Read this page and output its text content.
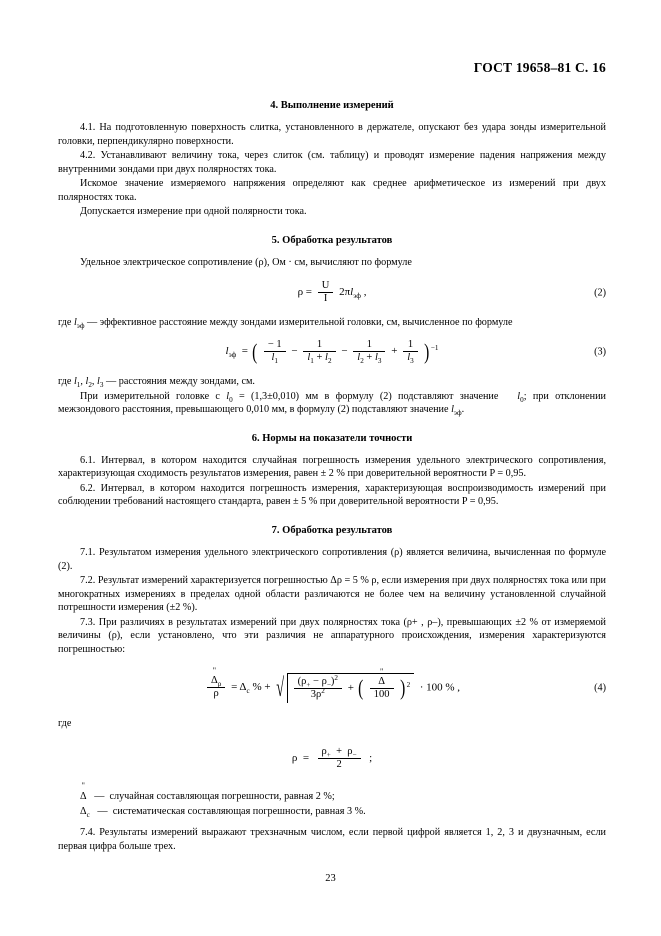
ГОСТ 19658–81 С. 16
4. Выполнение измерений

4.1. На подготовленную поверхность слитка, установленного в держателе, опускают без удара зонды измерительной головки, перпендикулярно поверхности.

4.2. Устанавливают величину тока, через слиток (см. таблицу) и проводят измерение падения напряжения между внутренними зондами при двух полярностях тока.

Искомое значение измеряемого напряжения определяют как среднее арифметическое из измерений при двух полярностях тока.

Допускается измерение при одной полярности тока.

5. Обработка результатов

Удельное электрическое сопротивление (ρ), Ом · см, вычисляют по формуле

$\rho = \frac{U}{I} 2\pi l_{эф}$ ,	(2)

где $l_{эф}$ — эффективное расстояние между зондами измерительной головки, см, вычисленное по формуле

$l_{эф}$  = ( $\frac{- 1}{l_1} - \frac{1}{l_1 + l_2} - \frac{1}{l_2 + l_3} + \frac{1}{l_3} )^{-1}$	(3)

где $l_1$, $l_2$, $l_3$ — расстояния между зондами, см.

При измерительной головке с $l_0 = (1,3\pm 0,010)$ мм в формулу (2) подставляют значение   $l_0$; при отклонении межзондового расстояния, превышающего 0,010 мм, в формулу (2) подставляют значение $l_{эф}$.

6. Нормы на показатели точности

6.1. Интервал, в котором находится случайная погрешность измерения удельного электрического сопротивления, характеризующая сходимость результатов измерения, равен ± 2 % при доверительной вероятности P = 0,95.

6.2. Интервал, в котором находится погрешность измерения, характеризующая воспроизводимость измерений при соблюдении требований настоящего стандарта, равен ± 5 % при доверительной вероятности P = 0,95.

7. Обработка результатов

7.1. Результатом измерения удельного электрического сопротивления (ρ) является величина, вычисленная по формуле (2).

7.2. Результат измерений характеризуется погрешностью Δρ = 5 % ρ, если измерения при двух полярностях тока или при многократных измерениях в пределах одной области различаются не более чем на величину установленной случайной потрешности измерения (±2 %).

7.3. При различиях в результатах измерений при двух полярностях тока (ρ+ , ρ–), превышающих ±2 % от измеряемой величины (ρ), если установлено, что эти различия не аппаратурного происхождения, измерения характеризуются погрешностью:

" $\frac{\Delta_\rho}{\rho} = \Delta_с$ % + √ $\frac{(\rho_+ - \rho_-)^2}{3\rho^2}$ + ( " $\frac{\Delta}{100} )^2 \cdot 100$ % ,	(4)

где

$\rho = \frac{\rho_+ + \rho_-}{2}$ ;

" Δ   —  случайная составляющая погрешности, равная 2 %;

$\Delta_с$   —  систематическая составляющая погрешности, равная 3 %.

7.4. Результаты измерений выражают трехзначным числом, если первой цифрой является 1, 2, 3 и двузначным, если первая цифра больше трех.

23
